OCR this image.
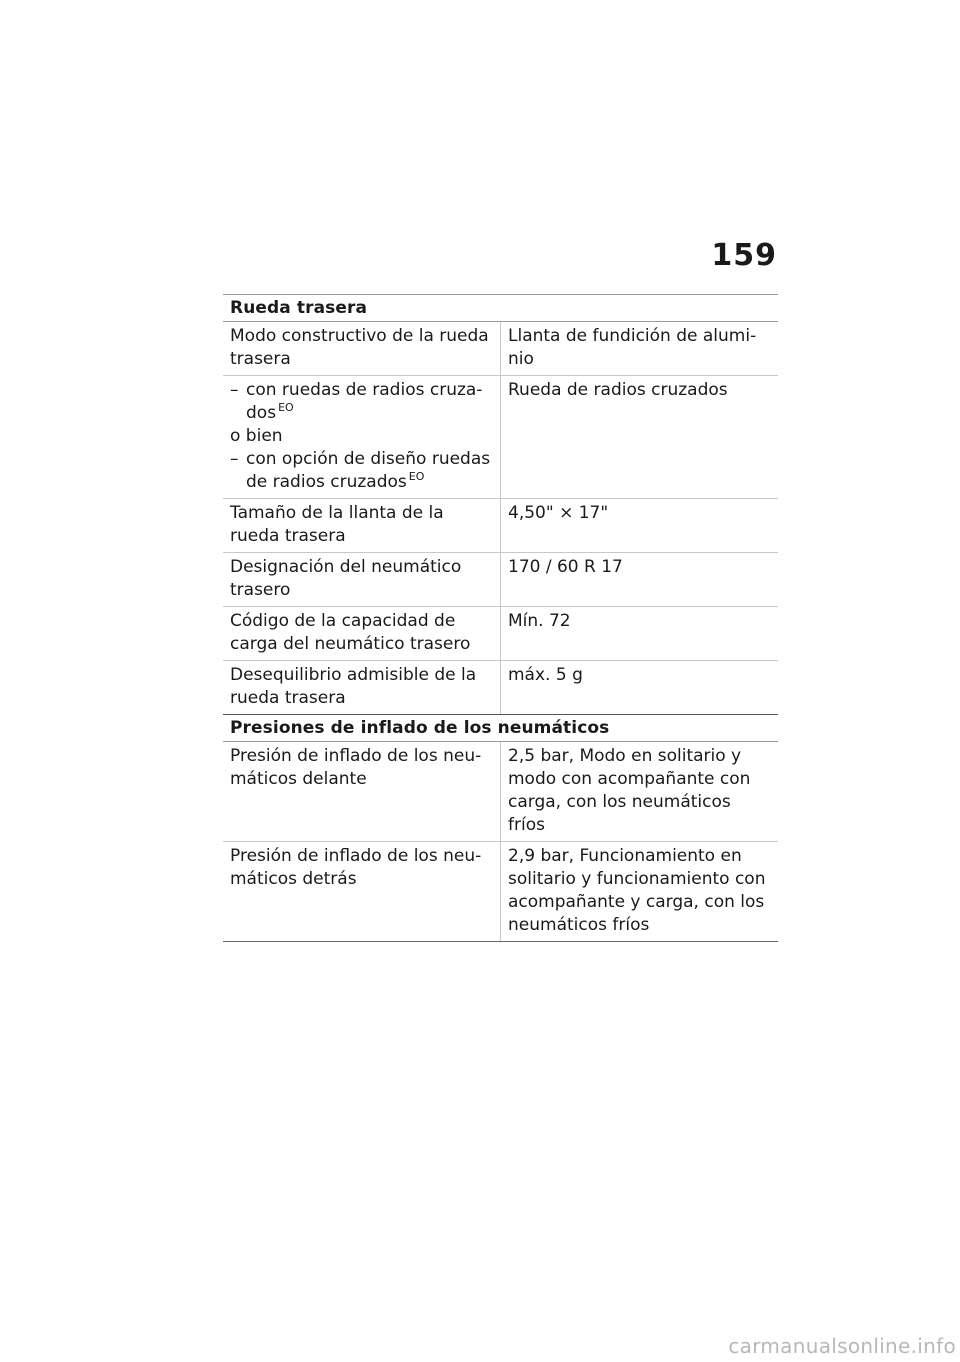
159
Rueda trasera
Modo constructivo de la rueda
trasera
Llanta de fundición de alumi-
nio
– con ruedas de radios cruza-dos $^{EO}$
o bien
– con opción de diseño ruedas de radios cruzados $^{EO}$
Rueda de radios cruzados
Tamaño de la llanta de la
rueda trasera
4,50" × 17"
Designación del neumático
trasero
170 / 60 R 17
Código de la capacidad de
carga del neumático trasero
Mín. 72
Desequilibrio admisible de la
rueda trasera
máx. 5 g
Presiones de inflado de los neumáticos
Presión de inflado de los neu-
máticos delante
2,5 bar, Modo en solitario y
modo con acompañante con
carga, con los neumáticos fríos
Presión de inflado de los neu-
máticos detrás
2,9 bar, Funcionamiento en
solitario y funcionamiento con
acompañante y carga, con los
neumáticos fríos
carmanualsonline.info
